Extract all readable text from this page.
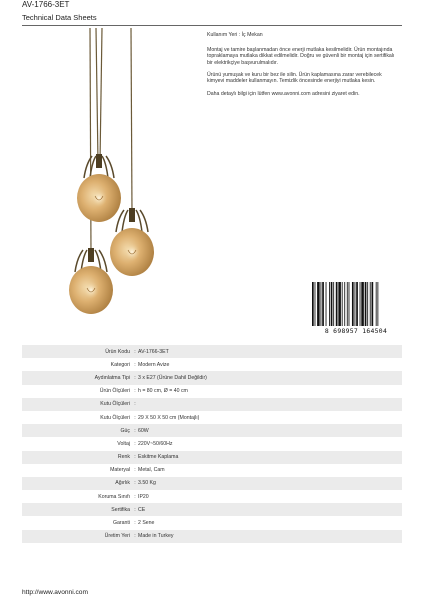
AV-1766-3ET
Technical Data Sheets

Kullanım Yeri : İç Mekan

Montaj ve tamire başlanmadan önce enerji mutlaka kesilmelidir. Ürün montajında topraklamaya mutlaka dikkat edilmelidir. Doğru ve güvenli bir montaj için sertifikalı bir elektrikçiye başvurulmalıdır.

Ürünü yumuşak ve kuru bir bez ile silin. Ürün kaplamasına zarar verebilecek kimyevi maddeler kullanmayın. Temizlik öncesinde enerjiyi mutlaka kesin.

Daha detaylı bilgi için lütfen www.avonni.com adresini ziyaret edin.

8 698957 164504
Ürün Kodu : AV-1766-3ET
Kategori : Modern Avize
Aydınlatma Tipi : 3 x E27 (Ürüne Dahil Değildir)
Ürün Ölçüleri : h = 80 cm, Ø = 40 cm
Kutu Ölçüleri :
Kutu Ölçüleri : 29 X 50 X 50 cm (Montajlı)
Güç : 60W
Voltaj : 220V~50/60Hz
Renk : Eskitme Kaplama
Materyal : Metal, Cam
Ağırlık : 3.50 Kg
Koruma Sınıfı : IP20
Sertifika : CE
Garanti : 2 Sene
Üretim Yeri : Made in Turkey
http://www.avonni.com
